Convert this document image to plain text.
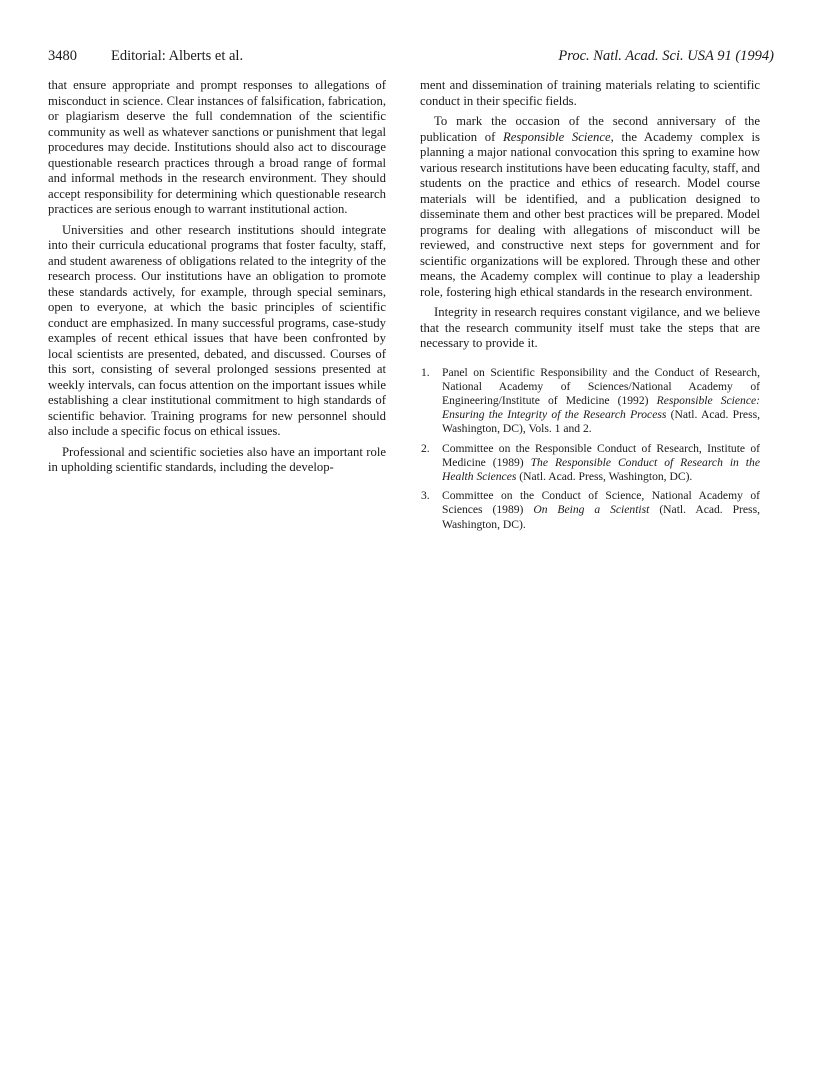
3480 Editorial: Alberts et al.	Proc. Natl. Acad. Sci. USA 91 (1994)

that ensure appropriate and prompt responses to allegations of misconduct in science. Clear instances of falsification, fabrication, or plagiarism deserve the full condemnation of the scientific community as well as whatever sanctions or punishment that legal procedures may decide. Institutions should also act to discourage questionable research practices through a broad range of formal and informal methods in the research environment. They should accept responsibility for determining which questionable research practices are serious enough to warrant institutional action.

Universities and other research institutions should integrate into their curricula educational programs that foster faculty, staff, and student awareness of obligations related to the integrity of the research process. Our institutions have an obligation to promote these standards actively, for example, through special seminars, open to everyone, at which the basic principles of scientific conduct are emphasized. In many successful programs, case-study examples of recent ethical issues that have been confronted by local scientists are presented, debated, and discussed. Courses of this sort, consisting of several prolonged sessions presented at weekly intervals, can focus attention on the important issues while establishing a clear institutional commitment to high standards of scientific behavior. Training programs for new personnel should also include a specific focus on ethical issues.

Professional and scientific societies also have an important role in upholding scientific standards, including the develop-

ment and dissemination of training materials relating to scientific conduct in their specific fields.

To mark the occasion of the second anniversary of the publication of Responsible Science, the Academy complex is planning a major national convocation this spring to examine how various research institutions have been educating faculty, staff, and students on the practice and ethics of research. Model course materials will be identified, and a publication designed to disseminate them and other best practices will be prepared. Model programs for dealing with allegations of misconduct will be reviewed, and constructive next steps for government and for scientific organizations will be explored. Through these and other means, the Academy complex will continue to play a leadership role, fostering high ethical standards in the research environment.

Integrity in research requires constant vigilance, and we believe that the research community itself must take the steps that are necessary to provide it.

1. Panel on Scientific Responsibility and the Conduct of Research, National Academy of Sciences/National Academy of Engineering/Institute of Medicine (1992) Responsible Science: Ensuring the Integrity of the Research Process (Natl. Acad. Press, Washington, DC), Vols. 1 and 2.
2. Committee on the Responsible Conduct of Research, Institute of Medicine (1989) The Responsible Conduct of Research in the Health Sciences (Natl. Acad. Press, Washington, DC).
3. Committee on the Conduct of Science, National Academy of Sciences (1989) On Being a Scientist (Natl. Acad. Press, Washington, DC).
